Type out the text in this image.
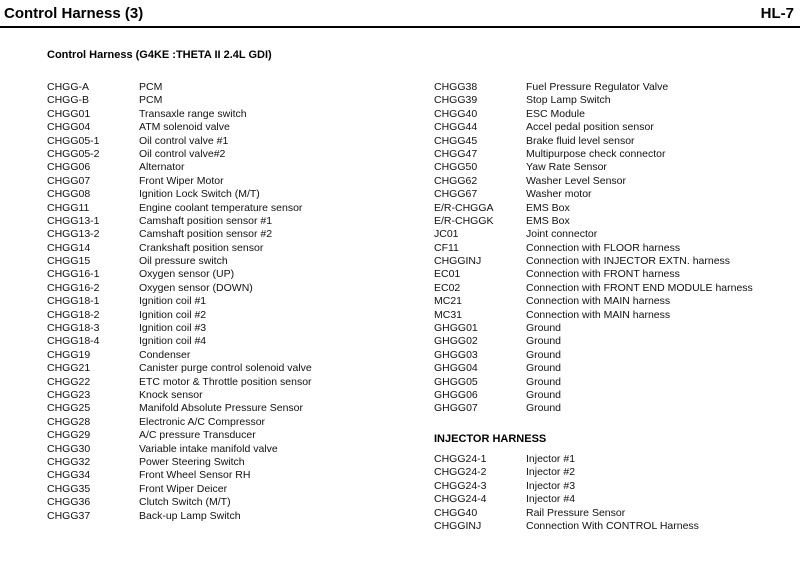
Control Harness (3)	HL-7
Control Harness (G4KE :THETA II 2.4L GDI)
CHGG-A	PCM
CHGG-B	PCM
CHGG01	Transaxle range switch
CHGG04	ATM solenoid valve
CHGG05-1	Oil control valve #1
CHGG05-2	Oil control valve#2
CHGG06	Alternator
CHGG07	Front Wiper Motor
CHGG08	Ignition Lock Switch (M/T)
CHGG11	Engine coolant temperature sensor
CHGG13-1	Camshaft position sensor #1
CHGG13-2	Camshaft position sensor #2
CHGG14	Crankshaft position sensor
CHGG15	Oil pressure switch
CHGG16-1	Oxygen sensor (UP)
CHGG16-2	Oxygen sensor (DOWN)
CHGG18-1	Ignition coil #1
CHGG18-2	Ignition coil #2
CHGG18-3	Ignition coil #3
CHGG18-4	Ignition coil #4
CHGG19	Condenser
CHGG21	Canister purge control solenoid valve
CHGG22	ETC motor & Throttle position sensor
CHGG23	Knock sensor
CHGG25	Manifold Absolute Pressure Sensor
CHGG28	Electronic A/C Compressor
CHGG29	A/C pressure Transducer
CHGG30	Variable intake manifold valve
CHGG32	Power Steering Switch
CHGG34	Front Wheel Sensor RH
CHGG35	Front Wiper Deicer
CHGG36	Clutch Switch (M/T)
CHGG37	Back-up Lamp Switch
CHGG38	Fuel Pressure Regulator Valve
CHGG39	Stop Lamp Switch
CHGG40	ESC Module
CHGG44	Accel pedal position sensor
CHGG45	Brake fluid level sensor
CHGG47	Multipurpose check connector
CHGG50	Yaw Rate Sensor
CHGG62	Washer Level Sensor
CHGG67	Washer motor
E/R-CHGGA	EMS Box
E/R-CHGGK	EMS Box
JC01	Joint connector
CF11	Connection with FLOOR harness
CHGGINJ	Connection with INJECTOR EXTN. harness
EC01	Connection with FRONT harness
EC02	Connection with FRONT END MODULE harness
MC21	Connection with MAIN harness
MC31	Connection with MAIN harness
GHGG01	Ground
GHGG02	Ground
GHGG03	Ground
GHGG04	Ground
GHGG05	Ground
GHGG06	Ground
GHGG07	Ground
INJECTOR HARNESS
CHGG24-1	Injector #1
CHGG24-2	Injector #2
CHGG24-3	Injector #3
CHGG24-4	Injector #4
CHGG40	Rail Pressure Sensor
CHGGINJ	Connection With CONTROL Harness
